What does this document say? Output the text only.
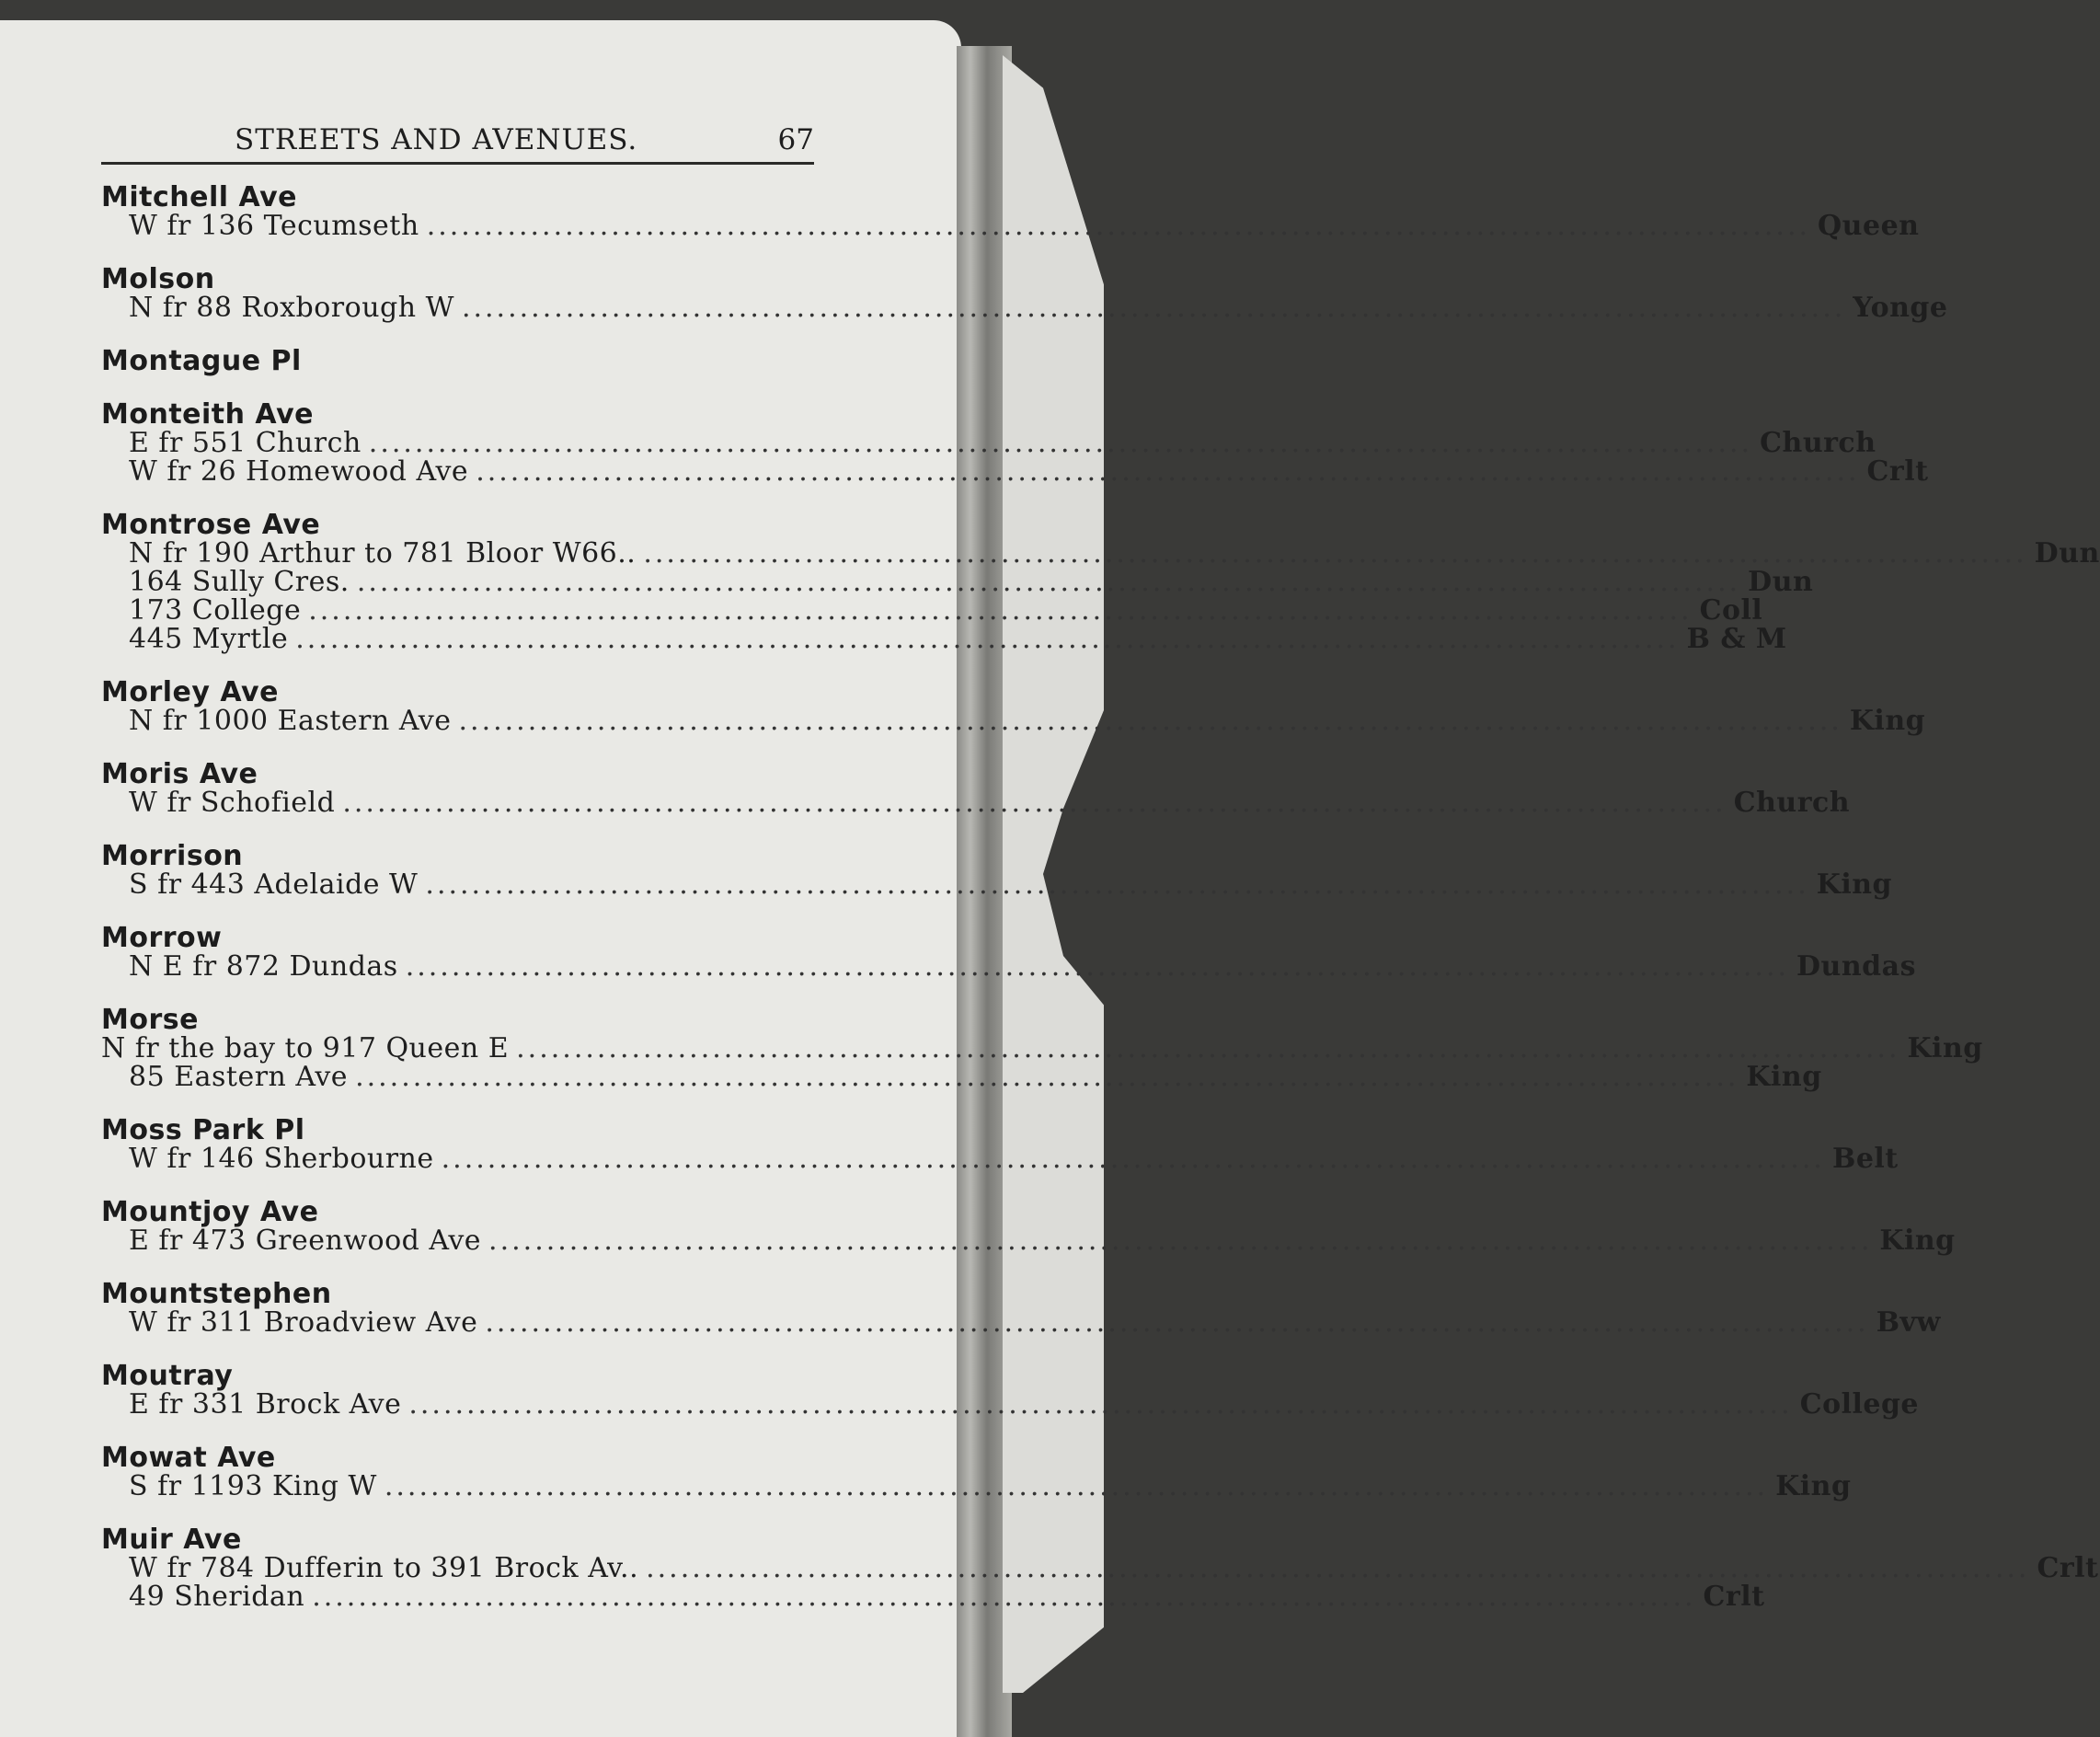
STREETS AND AVENUES.	67
Mitchell Ave
W fr 136 Tecumseth ........................................................................................................................ Queen
Molson
N fr 88 Roxborough W ........................................................................................................................ Yonge
Montague Pl
Monteith Ave
E fr 551 Church ........................................................................................................................ Church
W fr 26 Homewood Ave ........................................................................................................................ Crlt
Montrose Ave
N fr 190 Arthur to 781 Bloor W66.. ........................................................................................................................ Dun
164 Sully Cres. ........................................................................................................................ Dun
173 College ........................................................................................................................ Coll
445 Myrtle ........................................................................................................................ B & M
Morley Ave
N fr 1000 Eastern Ave ........................................................................................................................ King
Moris Ave
W fr Schofield ........................................................................................................................ Church
Morrison
S fr 443 Adelaide W ........................................................................................................................ King
Morrow
N E fr 872 Dundas ........................................................................................................................ Dundas
Morse
N fr the bay to 917 Queen E ........................................................................................................................ King
85 Eastern Ave ........................................................................................................................ King
Moss Park Pl
W fr 146 Sherbourne ........................................................................................................................ Belt
Mountjoy Ave
E fr 473 Greenwood Ave ........................................................................................................................ King
Mountstephen
W fr 311 Broadview Ave ........................................................................................................................ Bvw
Moutray
E fr 331 Brock Ave ........................................................................................................................ College
Mowat Ave
S fr 1193 King W ........................................................................................................................ King
Muir Ave
W fr 784 Dufferin to 391 Brock Av.. ........................................................................................................................ Crlt
49 Sheridan ........................................................................................................................ Crlt
